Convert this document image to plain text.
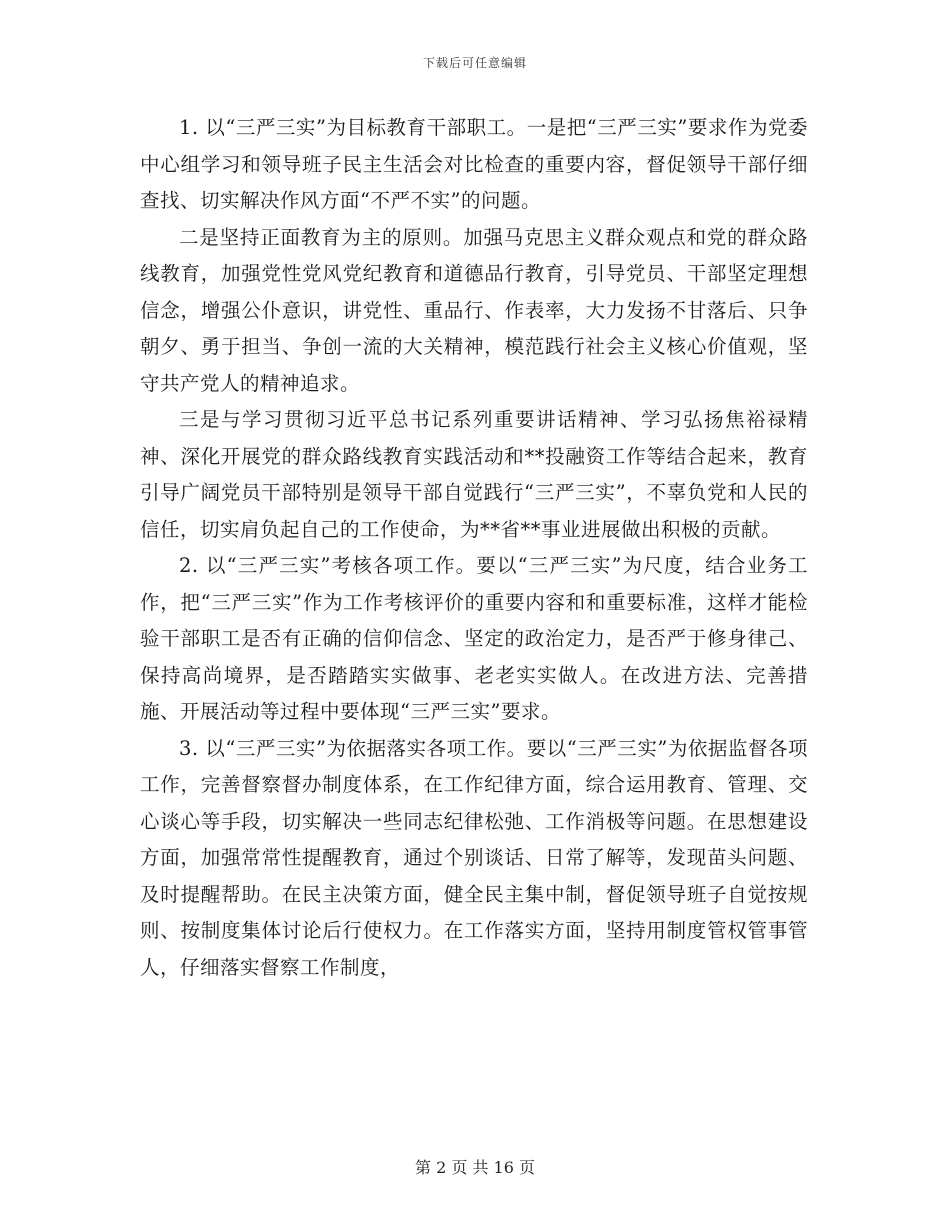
下载后可任意编辑

1. 以“三严三实”为目标教育干部职工。一是把“三严三实”要求作为党委中心组学习和领导班子民主生活会对比检查的重要内容，督促领导干部仔细查找、切实解决作风方面“不严不实”的问题。

二是坚持正面教育为主的原则。加强马克思主义群众观点和党的群众路线教育，加强党性党风党纪教育和道德品行教育，引导党员、干部坚定理想信念，增强公仆意识，讲党性、重品行、作表率，大力发扬不甘落后、只争朝夕、勇于担当、争创一流的大关精神，模范践行社会主义核心价值观，坚守共产党人的精神追求。

三是与学习贯彻习近平总书记系列重要讲话精神、学习弘扬焦裕禄精神、深化开展党的群众路线教育实践活动和**投融资工作等结合起来，教育引导广阔党员干部特别是领导干部自觉践行“三严三实”，不辜负党和人民的信任，切实肩负起自己的工作使命，为**省**事业进展做出积极的贡献。

2. 以“三严三实”考核各项工作。要以“三严三实”为尺度，结合业务工作，把“三严三实”作为工作考核评价的重要内容和和重要标准，这样才能检验干部职工是否有正确的信仰信念、坚定的政治定力，是否严于修身律己、保持高尚境界，是否踏踏实实做事、老老实实做人。在改进方法、完善措施、开展活动等过程中要体现“三严三实”要求。

3. 以“三严三实”为依据落实各项工作。要以“三严三实”为依据监督各项工作，完善督察督办制度体系，在工作纪律方面，综合运用教育、管理、交心谈心等手段，切实解决一些同志纪律松弛、工作消极等问题。在思想建设方面，加强常常性提醒教育，通过个别谈话、日常了解等，发现苗头问题、及时提醒帮助。在民主决策方面，健全民主集中制，督促领导班子自觉按规则、按制度集体讨论后行使权力。在工作落实方面，坚持用制度管权管事管人，仔细落实督察工作制度，

第 2 页 共 16 页
